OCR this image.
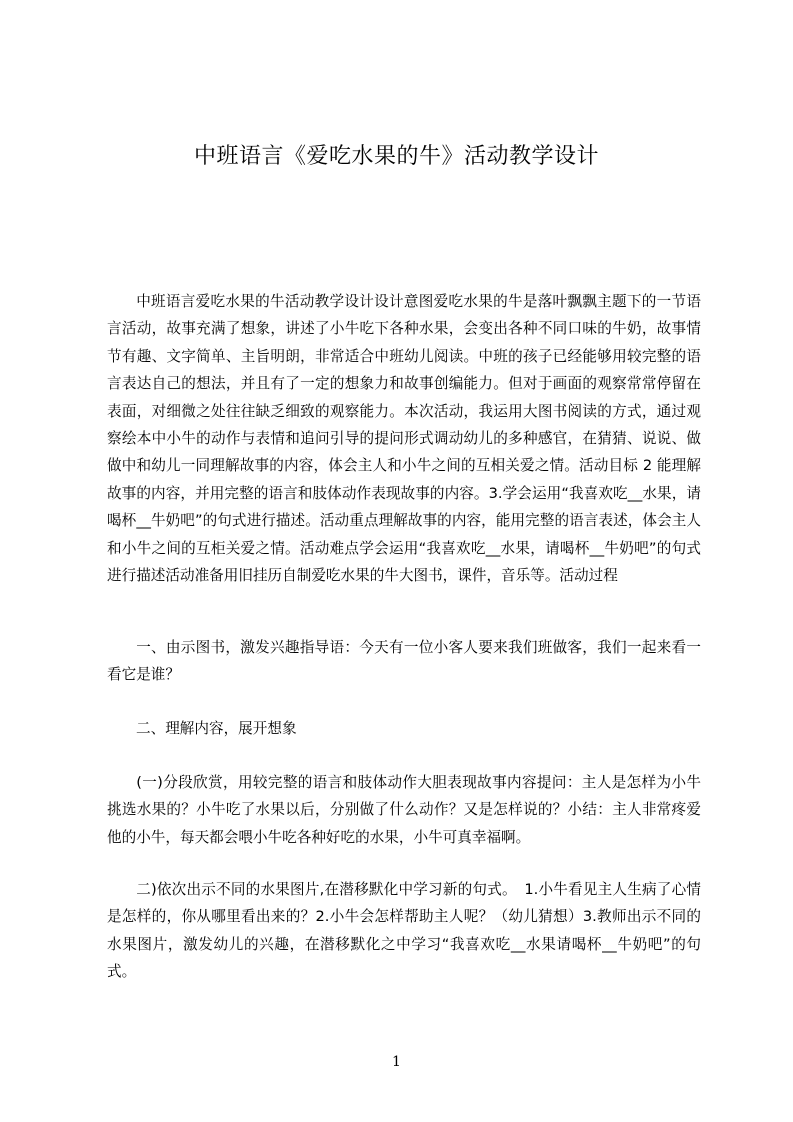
中班语言《爱吃水果的牛》活动教学设计

中班语言爱吃水果的牛活动教学设计设计意图爱吃水果的牛是落叶飘飘主题下的一节语言活动，故事充满了想象，讲述了小牛吃下各种水果，会变出各种不同口味的牛奶，故事情节有趣、文字简单、主旨明朗，非常适合中班幼儿阅读。中班的孩子已经能够用较完整的语言表达自己的想法，并且有了一定的想象力和故事创编能力。但对于画面的观察常常停留在表面，对细微之处往往缺乏细致的观察能力。本次活动，我运用大图书阅读的方式，通过观察绘本中小牛的动作与表情和追问引导的提问形式调动幼儿的多种感官，在猜猜、说说、做做中和幼儿一同理解故事的内容，体会主人和小牛之间的互相关爱之情。活动目标 2 能理解故事的内容，并用完整的语言和肢体动作表现故事的内容。3.学会运用“我喜欢吃__水果，请喝杯__牛奶吧”的句式进行描述。活动重点理解故事的内容，能用完整的语言表述，体会主人和小牛之间的互柜关爱之情。活动难点学会运用“我喜欢吃__水果，请喝杯__牛奶吧”的句式进行描述活动准备用旧挂历自制爱吃水果的牛大图书，课件，音乐等。活动过程

一、由示图书，激发兴趣指导语：今天有一位小客人要来我们班做客，我们一起来看一看它是谁？

二、理解内容，展开想象

(一)分段欣赏，用较完整的语言和肢体动作大胆表现故事内容提问：主人是怎样为小牛挑选水果的？小牛吃了水果以后，分别做了什么动作？又是怎样说的？小结：主人非常疼爱他的小牛，每天都会喂小牛吃各种好吃的水果，小牛可真幸福啊。

二)依次出示不同的水果图片,在潜移默化中学习新的句式。　1.小牛看见主人生病了心情是怎样的，你从哪里看出来的？2.小牛会怎样帮助主人呢？（幼儿猜想）3.教师出示不同的水果图片，激发幼儿的兴趣，在潜移默化之中学习“我喜欢吃__水果请喝杯__牛奶吧”的句式。

1
